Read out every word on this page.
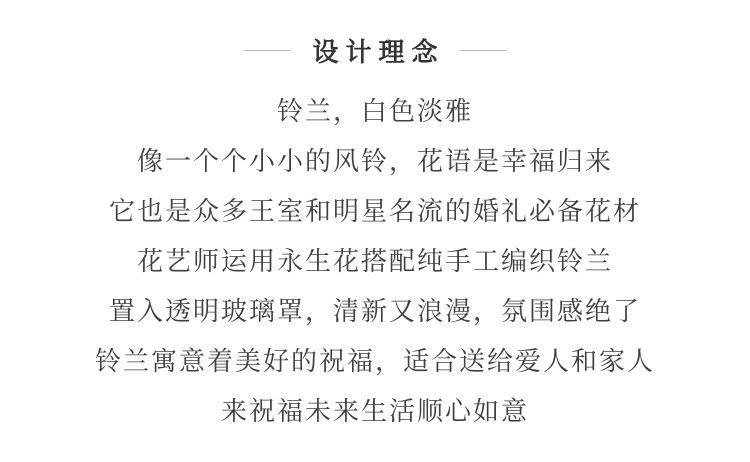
设计理念

铃兰，白色淡雅

像一个个小小的风铃，花语是幸福归来

它也是众多王室和明星名流的婚礼必备花材

花艺师运用永生花搭配纯手工编织铃兰

置入透明玻璃罩，清新又浪漫，氛围感绝了

铃兰寓意着美好的祝福，适合送给爱人和家人

来祝福未来生活顺心如意
